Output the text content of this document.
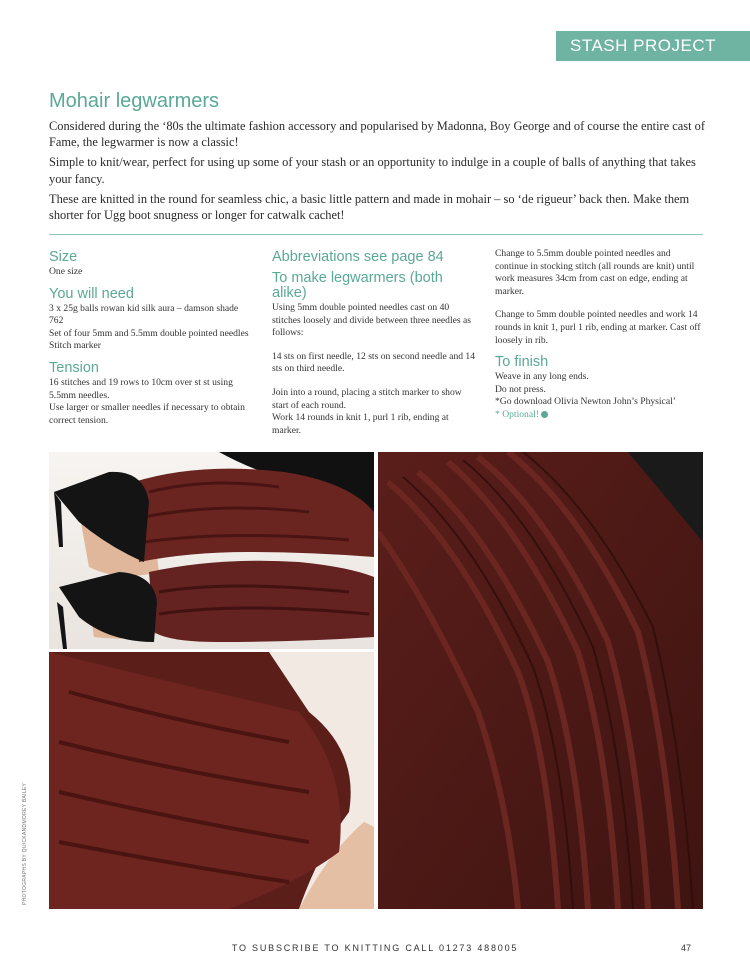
STASH PROJECT
Mohair legwarmers

Considered during the ‘80s the ultimate fashion accessory and popularised by Madonna, Boy George and of course the entire cast of Fame, the legwarmer is now a classic!

Simple to knit/wear, perfect for using up some of your stash or an opportunity to indulge in a couple of balls of anything that takes your fancy.

These are knitted in the round for seamless chic, a basic little pattern and made in mohair – so ‘de rigueur’ back then. Make them shorter for Ugg boot snugness or longer for catwalk cachet!

Size

One size

You will need

3 x 25g balls rowan kid silk aura – damson shade 762

Set of four 5mm and 5.5mm double pointed needles

Stitch marker

Tension

16 stitches and 19 rows to 10cm over st st using 5.5mm needles.

Use larger or smaller needles if necessary to obtain correct tension.

Abbreviations see page 84
To make legwarmers (both alike)

Using 5mm double pointed needles cast on 40 stitches loosely and divide between three needles as follows:

14 sts on first needle, 12 sts on second needle and 14 sts on third needle.

Join into a round, placing a stitch marker to show start of each round.

Work 14 rounds in knit 1, purl 1 rib, ending at marker.

Change to 5.5mm double pointed needles and continue in stocking stitch (all rounds are knit) until work measures 34cm from cast on edge, ending at marker.

Change to 5mm double pointed needles and work 14 rounds in knit 1, purl 1 rib, ending at marker. Cast off loosely in rib.

To finish

Weave in any long ends.

Do not press.

*Go download Olivia Newton John’s Physical’

* Optional!

PHOTOGRAPHS BY QUICKANDMOREY BAILEY
TO SUBSCRIBE TO KNITTING CALL 01273 488005	47
